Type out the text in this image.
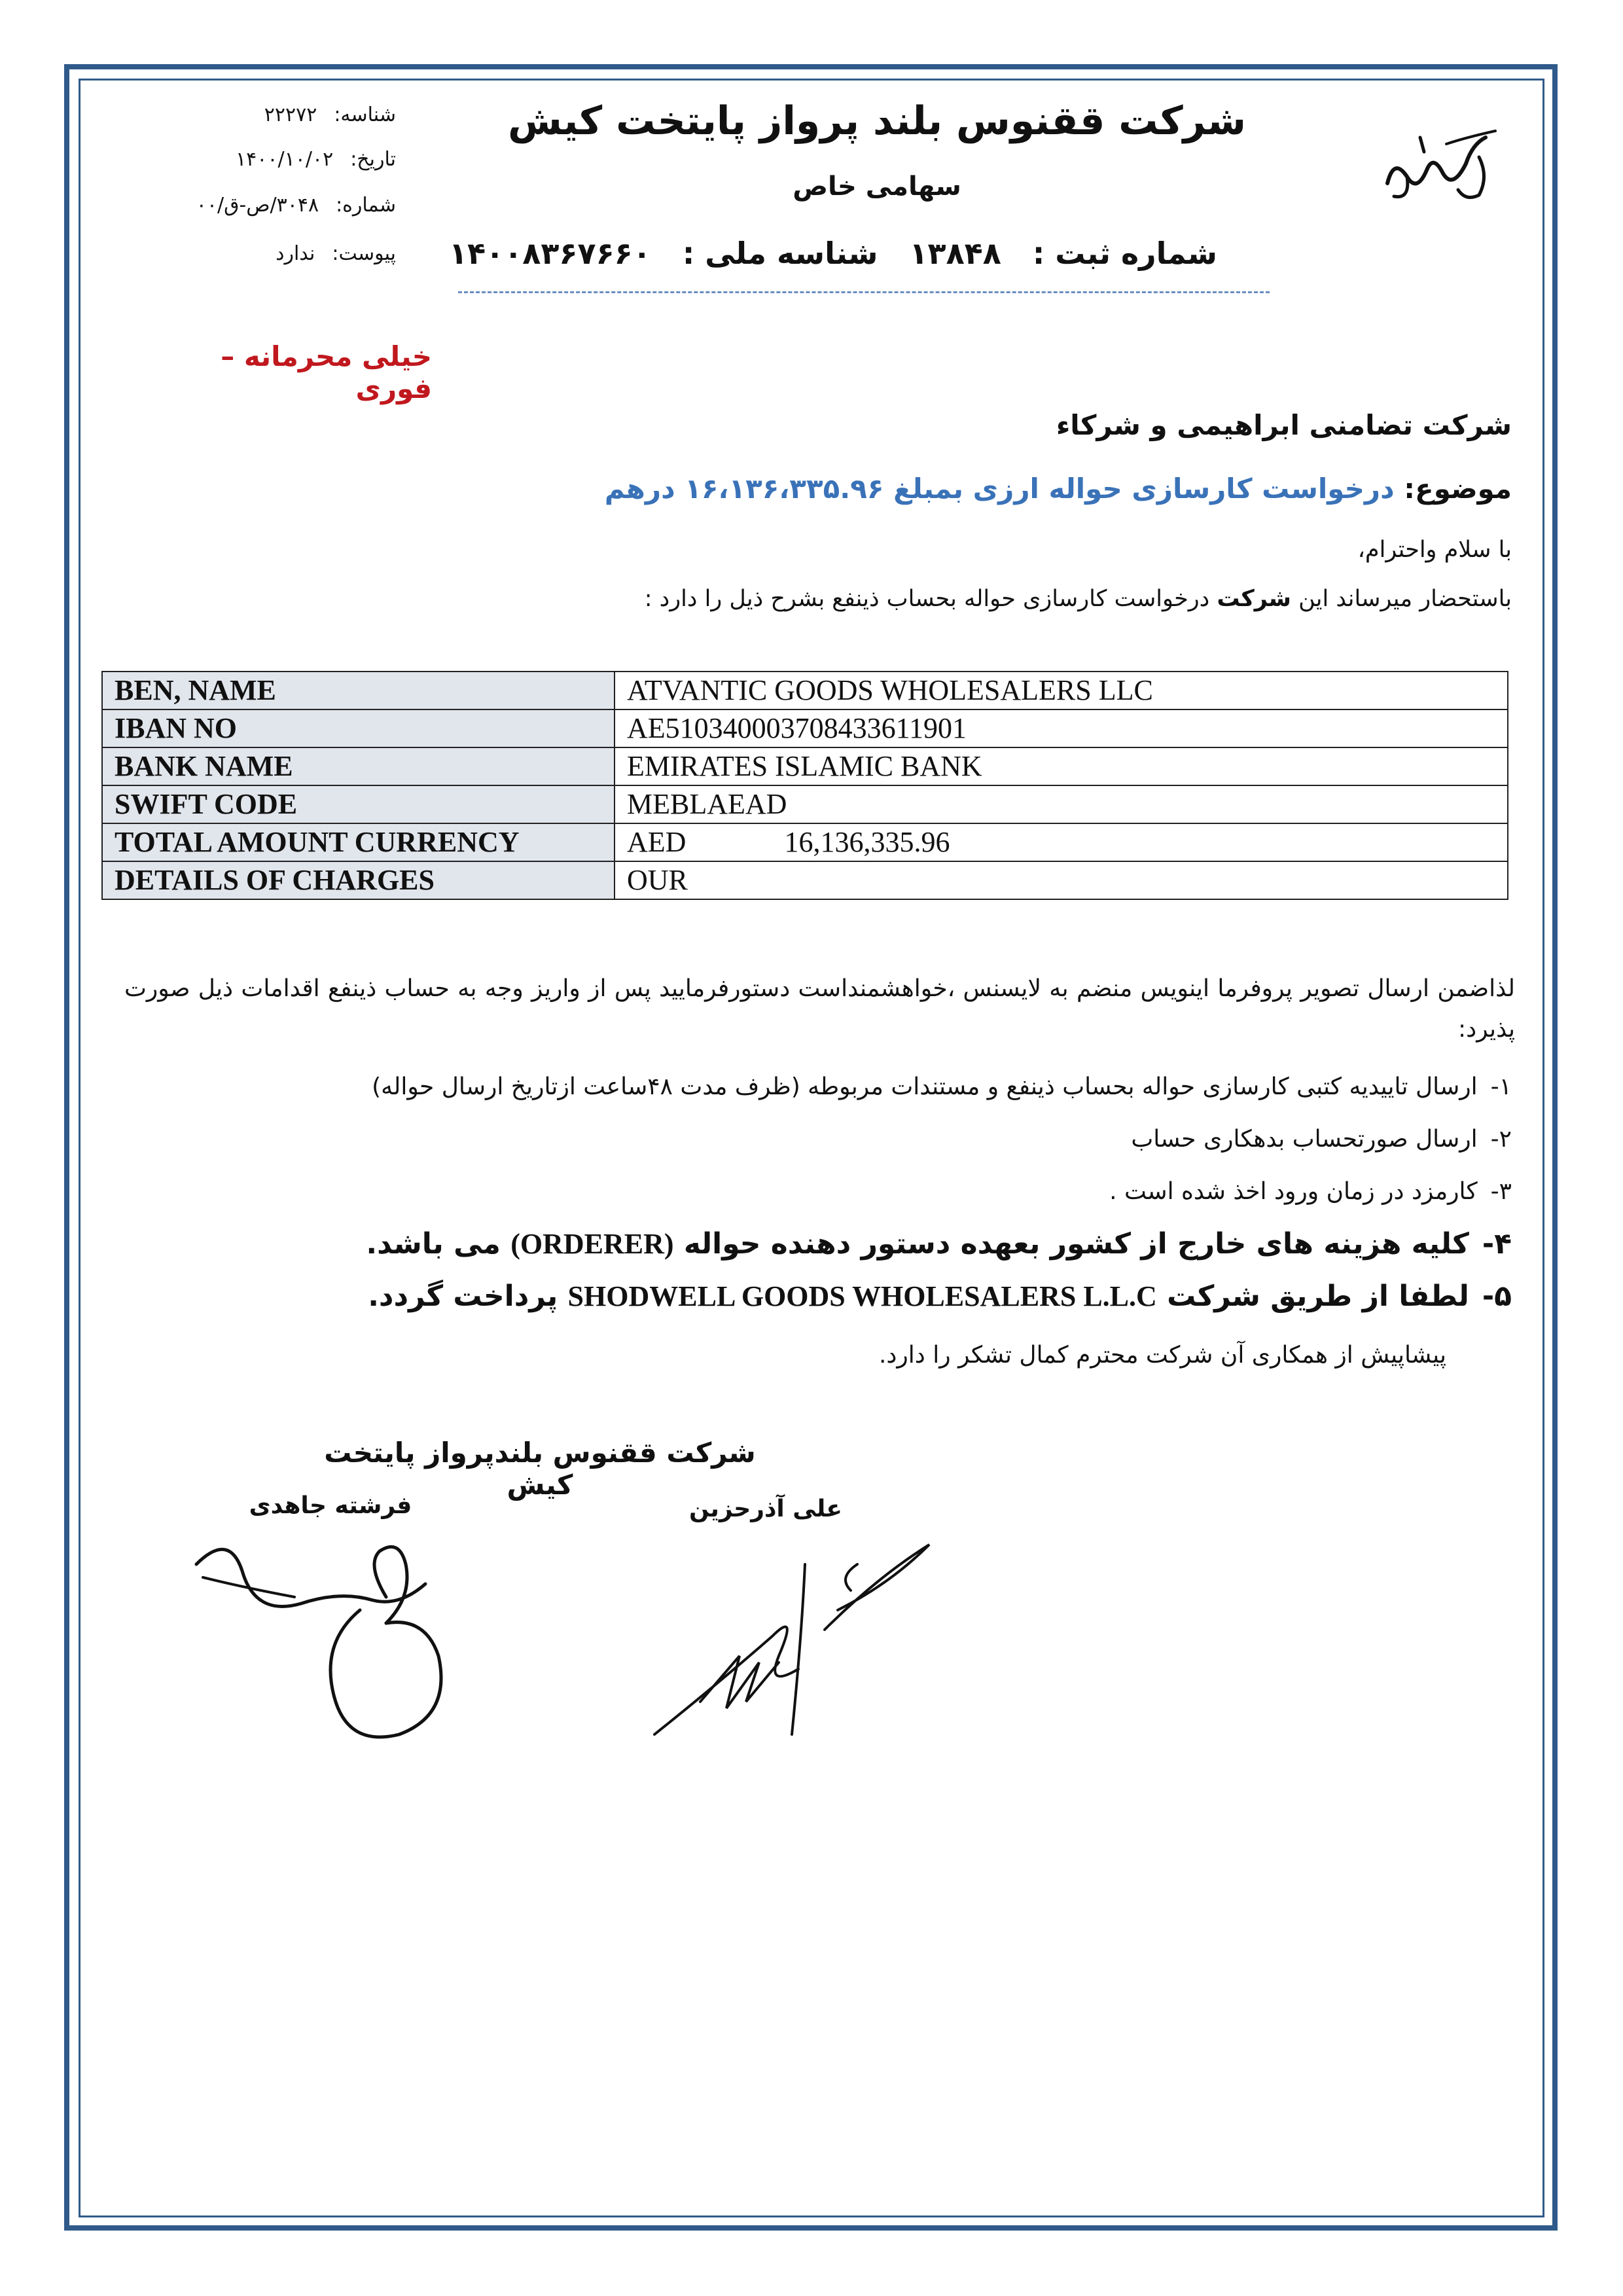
شرکت ققنوس بلند پرواز پایتخت کیش
سهامی خاص
شماره ثبت :۱۳۸۴۸شناسه ملی :۱۴۰۰۸۳۶۷۶۶۰
شناسه:۲۲۲۷۲
تاریخ:۱۴۰۰/۱۰/۰۲
شماره:۳۰۴۸/ص-ق/۰۰
پیوست:ندارد
خیلی محرمانه – فوری
شرکت تضامنی ابراهیمی و شرکاء
موضوع: درخواست کارسازی حواله ارزی بمبلغ ۱۶،۱۳۶،۳۳۵.۹۶ درهم
با سلام واحترام،
باستحضار میرساند این شرکت درخواست کارسازی حواله بحساب ذینفع بشرح ذیل را دارد :
BEN, NAME	ATVANTIC GOODS WHOLESALERS LLC
IBAN NO	AE510340003708433611901
BANK NAME	EMIRATES ISLAMIC BANK
SWIFT CODE	MEBLAEAD
TOTAL AMOUNT CURRENCY	AED 16,136,335.96
DETAILS OF CHARGES	OUR
لذاضمن ارسال تصویر پروفرما اینویس منضم به لایسنس ،خواهشمنداست دستورفرمایید پس از واریز وجه به حساب ذینفع اقدامات ذیل صورت پذیرد:
۱-ارسال تاییدیه کتبی کارسازی حواله بحساب ذینفع و مستندات مربوطه (ظرف مدت ۴۸ساعت ازتاریخ ارسال حواله)
۲-ارسال صورتحساب بدهکاری حساب
۳-کارمزد در زمان ورود اخذ شده است .
۴-کلیه هزینه های خارج از کشور بعهده دستور دهنده حواله (ORDERER) می باشد.
۵-لطفا از طریق شرکت SHODWELL GOODS WHOLESALERS L.L.C پرداخت گردد.
پیشاپیش از همکاری آن شرکت محترم کمال تشکر را دارد.
شرکت ققنوس بلندپرواز پایتخت کیش
فرشته جاهدی	علی آذرحزین
